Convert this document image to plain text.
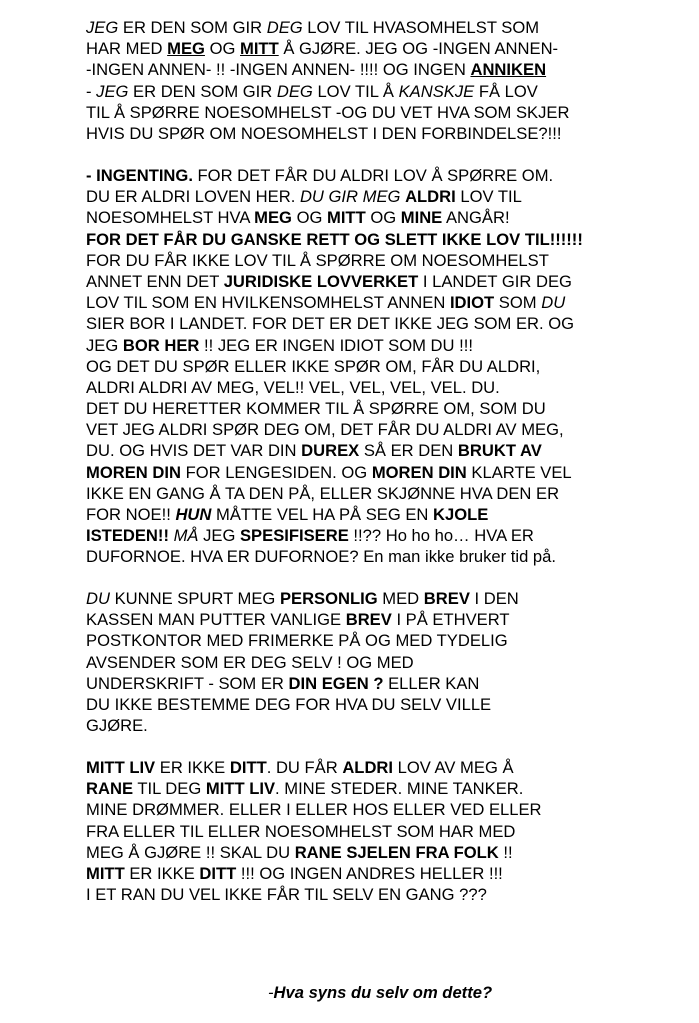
JEG ER DEN SOM GIR DEG LOV TIL HVASOMHELST SOM
HAR MED MEG OG MITT Å GJØRE. JEG OG -INGEN ANNEN-
-INGEN ANNEN- !! -INGEN ANNEN- !!!! OG INGEN ANNIKEN
- JEG ER DEN SOM GIR DEG LOV TIL Å KANSKJE FÅ LOV
TIL Å SPØRRE NOESOMHELST -OG DU VET HVA SOM SKJER
HVIS DU SPØR OM NOESOMHELST I DEN FORBINDELSE?!!!
- INGENTING. FOR DET FÅR DU ALDRI LOV Å SPØRRE OM.
DU ER ALDRI LOVEN HER. DU GIR MEG ALDRI LOV TIL
NOESOMHELST HVA MEG OG MITT OG MINE ANGÅR!
FOR DET FÅR DU GANSKE RETT OG SLETT IKKE LOV TIL!!!!!!
FOR DU FÅR IKKE LOV TIL Å SPØRRE OM NOESOMHELST
ANNET ENN DET JURIDISKE LOVVERKET I LANDET GIR DEG
LOV TIL SOM EN HVILKENSOMHELST ANNEN IDIOT SOM DU
SIER BOR I LANDET. FOR DET ER DET IKKE JEG SOM ER. OG
JEG BOR HER !! JEG ER INGEN IDIOT SOM DU !!!
OG DET DU SPØR ELLER IKKE SPØR OM, FÅR DU ALDRI,
ALDRI ALDRI AV MEG, VEL!! VEL, VEL, VEL, VEL. DU.
DET DU HERETTER KOMMER TIL Å SPØRRE OM, SOM DU
VET JEG ALDRI SPØR DEG OM, DET FÅR DU ALDRI AV MEG,
DU. OG HVIS DET VAR DIN DUREX SÅ ER DEN BRUKT AV
MOREN DIN FOR LENGESIDEN. OG MOREN DIN KLARTE VEL
IKKE EN GANG Å TA DEN PÅ, ELLER SKJØNNE HVA DEN ER
FOR NOE!! HUN MÅTTE VEL HA PÅ SEG EN KJOLE
ISTEDEN!! MÅ JEG SPESIFISERE !!?? Ho ho ho… HVA ER
DUFORNOE. HVA ER DUFORNOE? En man ikke bruker tid på.
DU KUNNE SPURT MEG PERSONLIG MED BREV I DEN
KASSEN MAN PUTTER VANLIGE BREV I PÅ ETHVERT
POSTKONTOR MED FRIMERKE PÅ OG MED TYDELIG
AVSENDER SOM ER DEG SELV ! OG MED
UNDERSKRIFT - SOM ER DIN EGEN ? ELLER KAN
DU IKKE BESTEMME DEG FOR HVA DU SELV VILLE
GJØRE.
MITT LIV ER IKKE DITT. DU FÅR ALDRI LOV AV MEG Å
RANE TIL DEG MITT LIV. MINE STEDER. MINE TANKER.
MINE DRØMMER. ELLER I ELLER HOS ELLER VED ELLER
FRA ELLER TIL ELLER NOESOMHELST SOM HAR MED
MEG Å GJØRE !! SKAL DU RANE SJELEN FRA FOLK !!
MITT ER IKKE DITT !!! OG INGEN ANDRES HELLER !!!
I ET RAN DU VEL IKKE FÅR TIL SELV EN GANG ???
-Hva syns du selv om dette?
